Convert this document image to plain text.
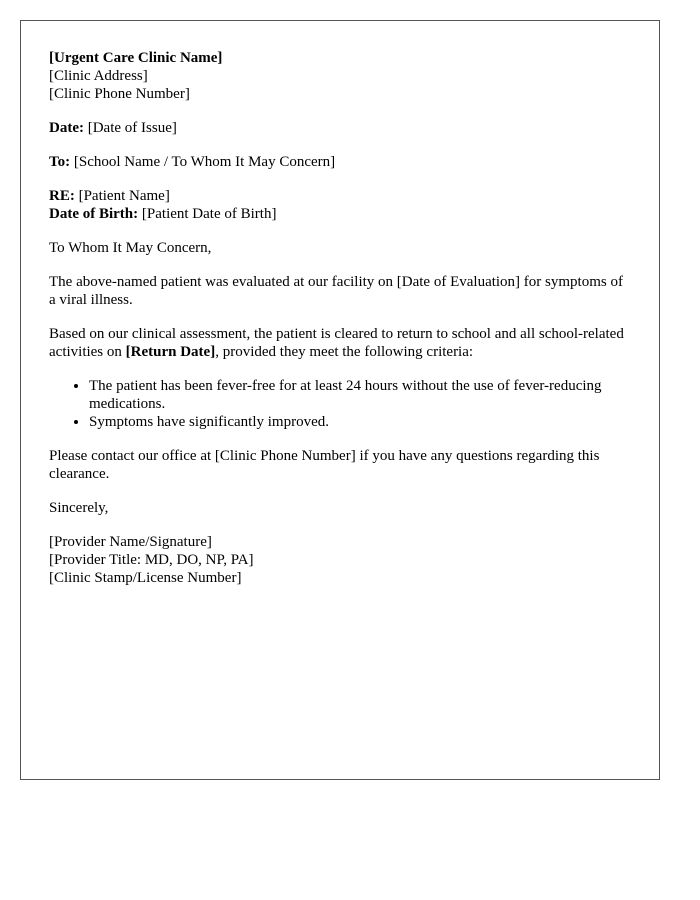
[Urgent Care Clinic Name]
[Clinic Address]
[Clinic Phone Number]
Date: [Date of Issue]
To: [School Name / To Whom It May Concern]
RE: [Patient Name]
Date of Birth: [Patient Date of Birth]

To Whom It May Concern,

The above-named patient was evaluated at our facility on [Date of Evaluation] for symptoms of a viral illness.

Based on our clinical assessment, the patient is cleared to return to school and all school-related activities on [Return Date], provided they meet the following criteria:

• The patient has been fever-free for at least 24 hours without the use of fever-reducing medications.
• Symptoms have significantly improved.

Please contact our office at [Clinic Phone Number] if you have any questions regarding this clearance.

Sincerely,

[Provider Name/Signature]
[Provider Title: MD, DO, NP, PA]
[Clinic Stamp/License Number]
